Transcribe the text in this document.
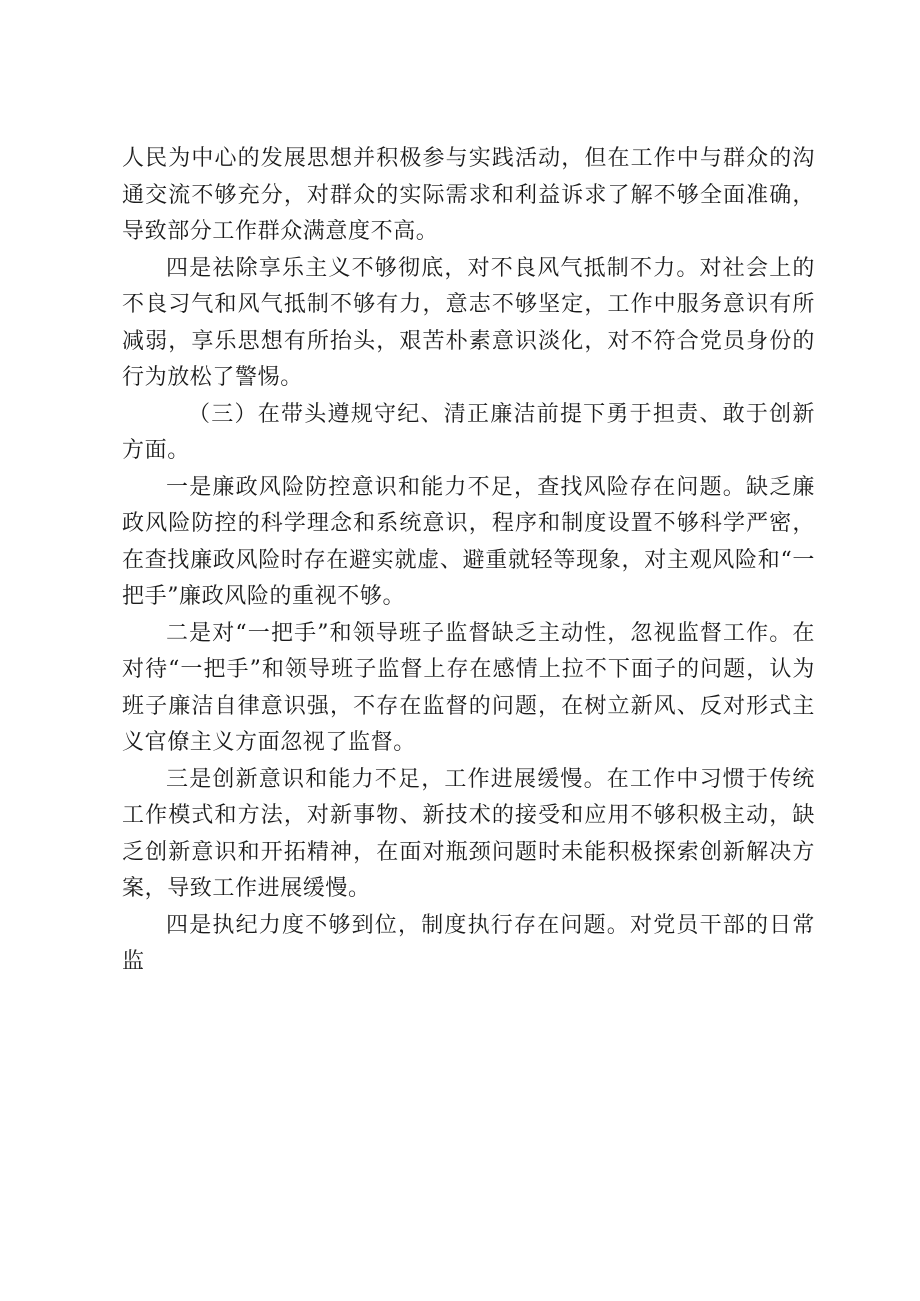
人民为中心的发展思想并积极参与实践活动，但在工作中与群众的沟通交流不够充分，对群众的实际需求和利益诉求了解不够全面准确，导致部分工作群众满意度不高。

四是祛除享乐主义不够彻底，对不良风气抵制不力。对社会上的不良习气和风气抵制不够有力，意志不够坚定，工作中服务意识有所减弱，享乐思想有所抬头，艰苦朴素意识淡化，对不符合党员身份的行为放松了警惕。

（三）在带头遵规守纪、清正廉洁前提下勇于担责、敢于创新方面。

一是廉政风险防控意识和能力不足，查找风险存在问题。缺乏廉政风险防控的科学理念和系统意识，程序和制度设置不够科学严密，在查找廉政风险时存在避实就虚、避重就轻等现象，对主观风险和“一把手”廉政风险的重视不够。

二是对“一把手”和领导班子监督缺乏主动性，忽视监督工作。在对待“一把手”和领导班子监督上存在感情上拉不下面子的问题，认为班子廉洁自律意识强，不存在监督的问题，在树立新风、反对形式主义官僚主义方面忽视了监督。

三是创新意识和能力不足，工作进展缓慢。在工作中习惯于传统工作模式和方法，对新事物、新技术的接受和应用不够积极主动，缺乏创新意识和开拓精神，在面对瓶颈问题时未能积极探索创新解决方案，导致工作进展缓慢。

四是执纪力度不够到位，制度执行存在问题。对党员干部的日常监
